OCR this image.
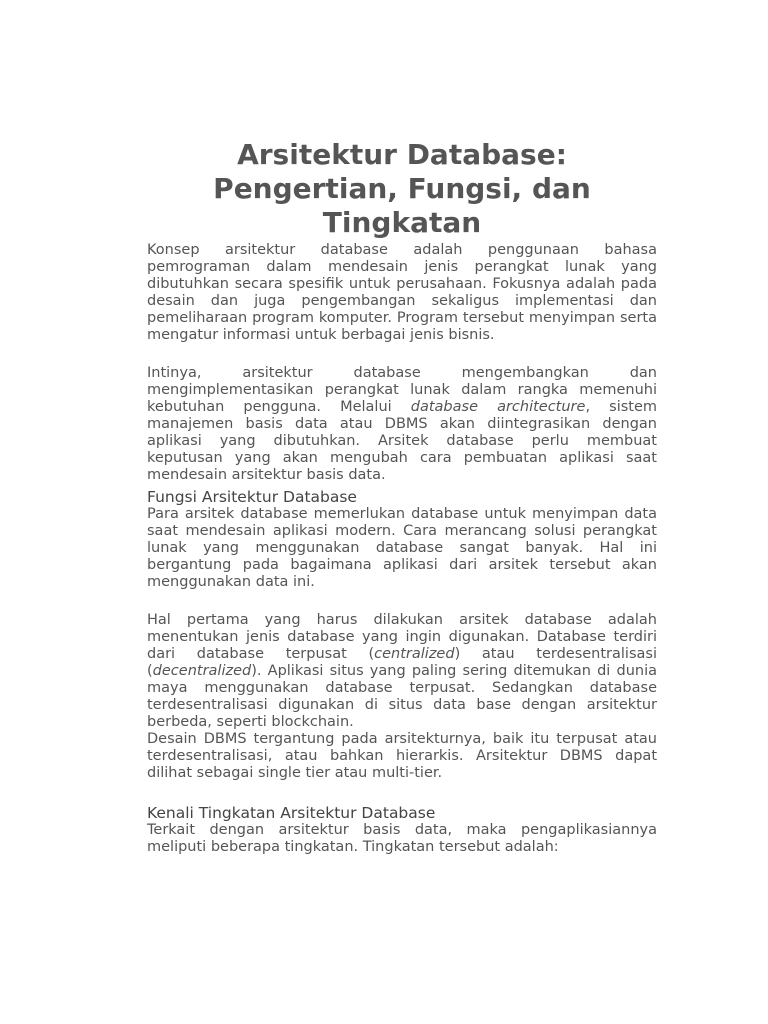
Arsitektur Database: Pengertian, Fungsi, dan Tingkatan

Konsep arsitektur database adalah penggunaan bahasa pemrograman dalam mendesain jenis perangkat lunak yang dibutuhkan secara spesifik untuk perusahaan. Fokusnya adalah pada desain dan juga pengembangan sekaligus implementasi dan pemeliharaan program komputer. Program tersebut menyimpan serta mengatur informasi untuk berbagai jenis bisnis.

Intinya, arsitektur database mengembangkan dan mengimplementasikan perangkat lunak dalam rangka memenuhi kebutuhan pengguna. Melalui database architecture, sistem manajemen basis data atau DBMS akan diintegrasikan dengan aplikasi yang dibutuhkan. Arsitek database perlu membuat keputusan yang akan mengubah cara pembuatan aplikasi saat mendesain arsitektur basis data.

Fungsi Arsitektur Database

Para arsitek database memerlukan database untuk menyimpan data saat mendesain aplikasi modern. Cara merancang solusi perangkat lunak yang menggunakan database sangat banyak. Hal ini bergantung pada bagaimana aplikasi dari arsitek tersebut akan menggunakan data ini.

Hal pertama yang harus dilakukan arsitek database adalah menentukan jenis database yang ingin digunakan. Database terdiri dari database terpusat (centralized) atau terdesentralisasi (decentralized). Aplikasi situs yang paling sering ditemukan di dunia maya menggunakan database terpusat. Sedangkan database terdesentralisasi digunakan di situs data base dengan arsitektur berbeda, seperti blockchain.

Desain DBMS tergantung pada arsitekturnya, baik itu terpusat atau terdesentralisasi, atau bahkan hierarkis. Arsitektur DBMS dapat dilihat sebagai single tier atau multi-tier.

Kenali Tingkatan Arsitektur Database

Terkait dengan arsitektur basis data, maka pengaplikasiannya meliputi beberapa tingkatan. Tingkatan tersebut adalah:
